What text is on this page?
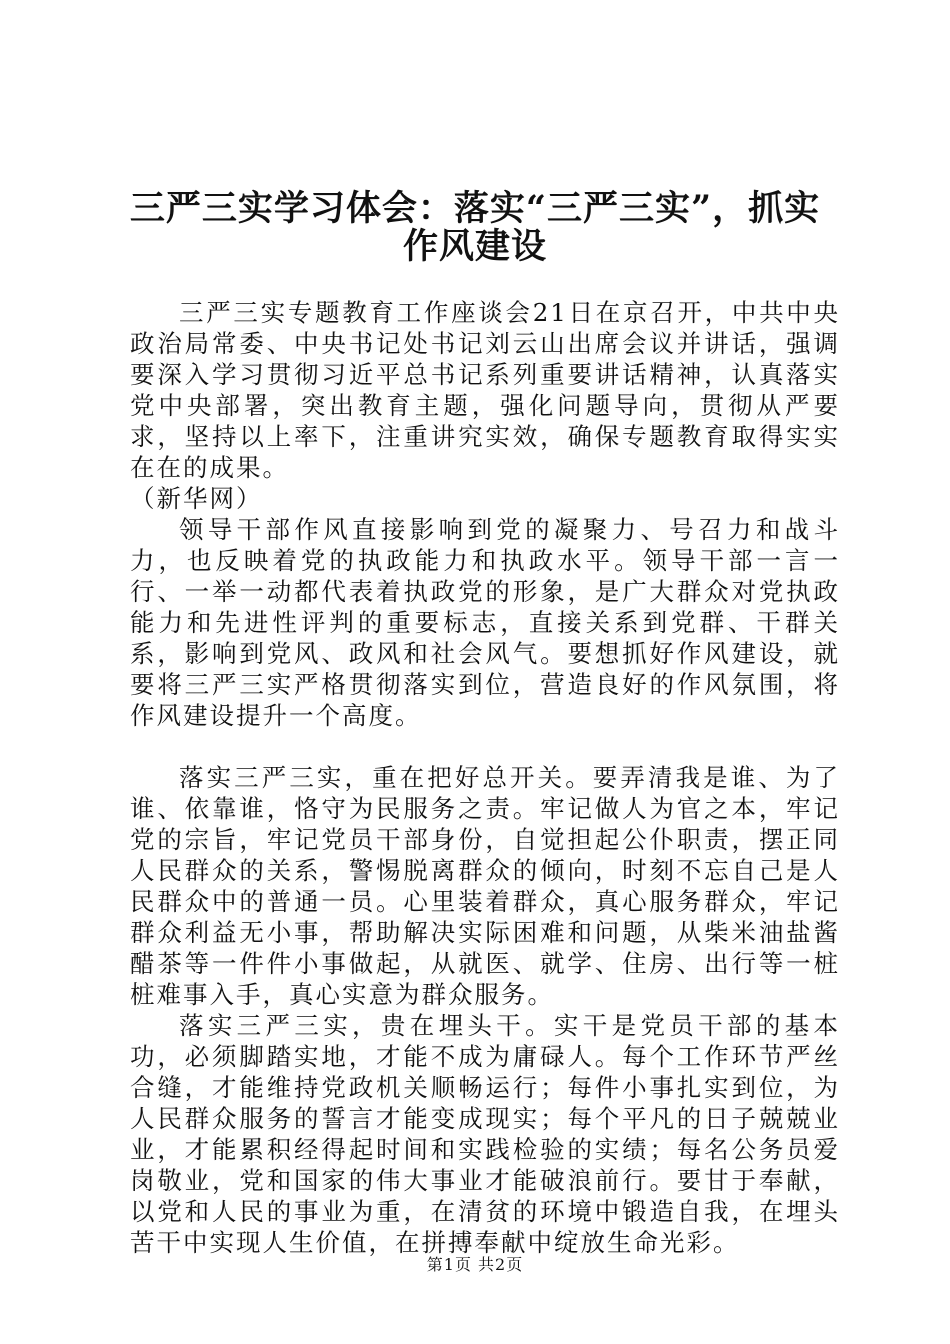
三严三实学习体会：落实“三严三实”，抓实
作风建设

三严三实专题教育工作座谈会21日在京召开，中共中央政治局常委、中央书记处书记刘云山出席会议并讲话，强调要深入学习贯彻习近平总书记系列重要讲话精神，认真落实党中央部署，突出教育主题，强化问题导向，贯彻从严要求，坚持以上率下，注重讲究实效，确保专题教育取得实实在在的成果。

（新华网）

领导干部作风直接影响到党的凝聚力、号召力和战斗力，也反映着党的执政能力和执政水平。领导干部一言一行、一举一动都代表着执政党的形象，是广大群众对党执政能力和先进性评判的重要标志，直接关系到党群、干群关系，影响到党风、政风和社会风气。要想抓好作风建设，就要将三严三实严格贯彻落实到位，营造良好的作风氛围，将作风建设提升一个高度。

落实三严三实，重在把好总开关。要弄清我是谁、为了谁、依靠谁，恪守为民服务之责。牢记做人为官之本，牢记党的宗旨，牢记党员干部身份，自觉担起公仆职责，摆正同人民群众的关系，警惕脱离群众的倾向，时刻不忘自己是人民群众中的普通一员。心里装着群众，真心服务群众，牢记群众利益无小事，帮助解决实际困难和问题，从柴米油盐酱醋茶等一件件小事做起，从就医、就学、住房、出行等一桩桩难事入手，真心实意为群众服务。

落实三严三实，贵在埋头干。实干是党员干部的基本功，必须脚踏实地，才能不成为庸碌人。每个工作环节严丝合缝，才能维持党政机关顺畅运行；每件小事扎实到位，为人民群众服务的誓言才能变成现实；每个平凡的日子兢兢业业，才能累积经得起时间和实践检验的实绩；每名公务员爱岗敬业，党和国家的伟大事业才能破浪前行。要甘于奉献，以党和人民的事业为重，在清贫的环境中锻造自我，在埋头苦干中实现人生价值，在拼搏奉献中绽放生命光彩。

第1页 共2页
